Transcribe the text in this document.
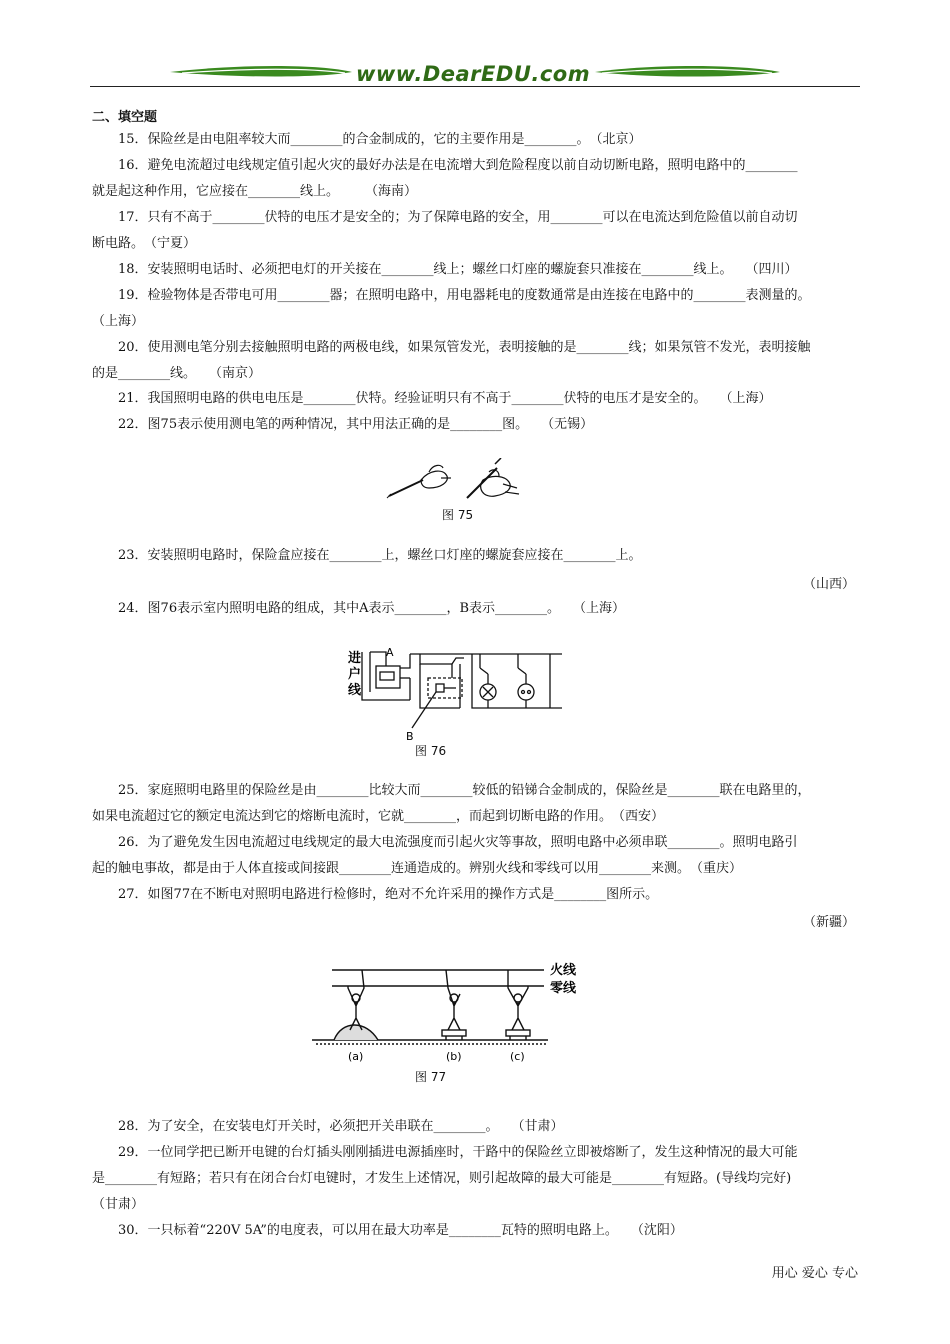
www.DearEDU.com
二、填空题
15．保险丝是由电阻率较大而________的合金制成的，它的主要作用是________。　（北京）

16．避免电流超过电线规定值引起火灾的最好办法是在电流增大到危险程度以前自动切断电路，照明电路中的________

就是起这种作用，它应接在________线上。　　　（海南）

17．只有不高于________伏特的电压才是安全的；为了保障电路的安全，用________可以在电流达到危险值以前自动切

断电路。　（宁夏）

18．安装照明电话时、必须把电灯的开关接在________线上；螺丝口灯座的螺旋套只准接在________线上。　　（四川）

19．检验物体是否带电可用________器；在照明电路中，用电器耗电的度数通常是由连接在电路中的________表测量的。

（上海）

20．使用测电笔分别去接触照明电路的两极电线，如果氖管发光，表明接触的是________线；如果氖管不发光，表明接触

的是________线。　　（南京）

21．我国照明电路的供电电压是________伏特。经验证明只有不高于________伏特的电压才是安全的。　　（上海）
22．图75表示使用测电笔的两种情况，其中用法正确的是________图。　　（无锡）
图 75
23．安装照明电路时，保险盒应接在________上，螺丝口灯座的螺旋套应接在________上。
（山西）
24．图76表示室内照明电路的组成，其中A表示________，B表示________。　　（上海）
进
户
线
A
B
图 76

25．家庭照明电路里的保险丝是由________比较大而________较低的铅锑合金制成的，保险丝是________联在电路里的，

如果电流超过它的额定电流达到它的熔断电流时，它就________，而起到切断电路的作用。　（西安）

26．为了避免发生因电流超过电线规定的最大电流强度而引起火灾等事故，照明电路中必须串联________。照明电路引

起的触电事故，都是由于人体直接或间接跟________连通造成的。辨别火线和零线可以用________来测。　（重庆）

27．如图77在不断电对照明电路进行检修时，绝对不允许采用的操作方式是________图所示。
（新疆）
火线
零线
(a)	(b)	(c)
图 77
28．为了安全，在安装电灯开关时，必须把开关串联在________。　　（甘肃）

29．一位同学把已断开电键的台灯插头刚刚插进电源插座时，干路中的保险丝立即被熔断了，发生这种情况的最大可能

是________有短路；若只有在闭合台灯电键时，才发生上述情况，则引起故障的最大可能是________有短路。(导线均完好)

（甘肃）

30．一只标着“220V 5A”的电度表，可以用在最大功率是________瓦特的照明电路上。　　（沈阳）
用心 爱心 专心
